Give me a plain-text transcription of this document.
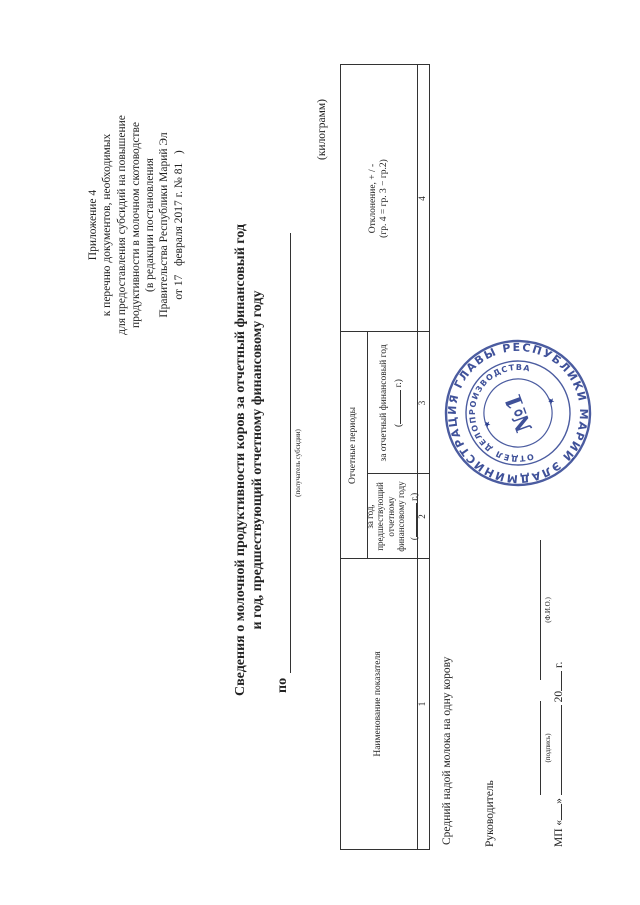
Приложение 4 к перечню документов, необходимых для предоставления субсидий на повышение продуктивности в молочном скотоводстве (в редакции постановления Правительства Республики Марий Эл от 17   февраля 2017 г. № 81   )	Сведения о молочной продуктивности коров за отчетный финансовый год и год, предшествующий отчетному финансовому году
по
(получатель субсидии)
(килограмм)
Наименование показателя
Отчетные периоды
за год, предшествующий отчетному финансовому году ( г.)
за отчетный финансовый год ( г.)
Отклонение, + / - (гр. 4 = гр. 3 − гр.2)
1
2
3
4
Средний надой молока на одну корову	Руководитель
(подпись)
(Ф.И.О.)
МП «»  20 г.
АДМИНИСТРАЦИЯ ГЛАВЫ РЕСПУБЛИКИ МАРИЙ ЭЛ
ОТДЕЛ ДЕЛОПРОИЗВОДСТВА
№1
★
★
